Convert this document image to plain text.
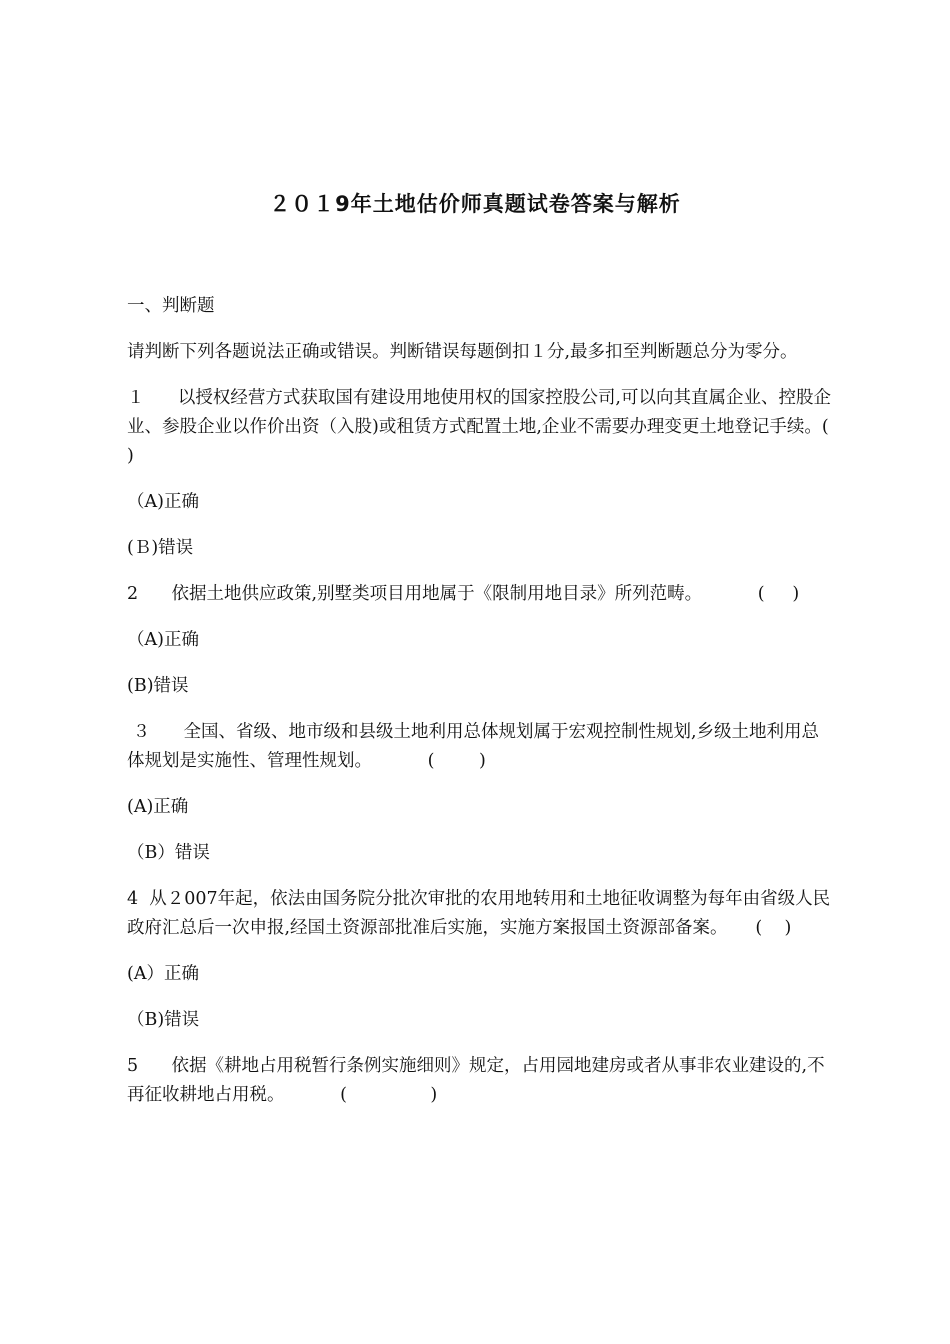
２０１9年土地估价师真题试卷答案与解析

一、判断题

请判断下列各题说法正确或错误。判断错误每题倒扣１分,最多扣至判断题总分为零分。

１ 以授权经营方式获取国有建设用地使用权的国家控股公司,可以向其直属企业、控股企业、参股企业以作价出资（入股)或租赁方式配置土地,企业不需要办理变更土地登记手续。(    )

（A)正确

(Ｂ)错误

2 依据土地供应政策,别墅类项目用地属于《限制用地目录》所列范畴。          (     )

（A)正确

(B)错误

３ 全国、省级、地市级和县级土地利用总体规划属于宏观控制性规划,乡级土地利用总体规划是实施性、管理性规划。          (        )

(A)正确

（B）错误

4 从２007年起，依法由国务院分批次审批的农用地转用和土地征收调整为每年由省级人民政府汇总后一次申报,经国土资源部批准后实施，实施方案报国土资源部备案。     (    )

(A）正确

（B)错误

5 依据《耕地占用税暂行条例实施细则》规定，占用园地建房或者从事非农业建设的,不再征收耕地占用税。          (               )
